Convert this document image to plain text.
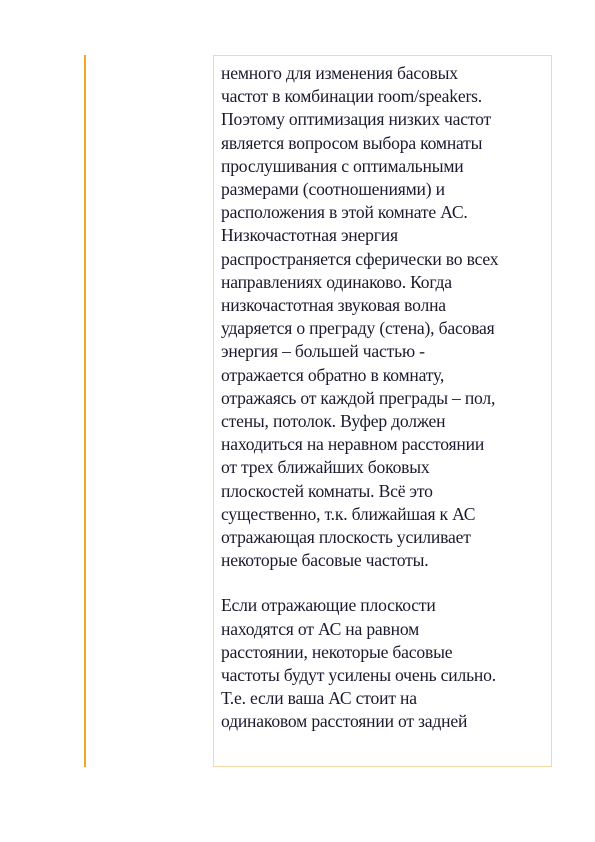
немного для изменения басовых
частот в комбинации room/speakers.
Поэтому оптимизация низких частот
является вопросом выбора комнаты
прослушивания с оптимальными
размерами (соотношениями) и
расположения в этой комнате АС.
Низкочастотная энергия
распространяется сферически во всех
направлениях одинаково. Когда
низкочастотная звуковая волна
ударяется о преграду (стена), басовая
энергия – большей частью -
отражается обратно в комнату,
отражаясь от каждой преграды – пол,
стены, потолок. Вуфер должен
находиться на неравном расстоянии
от трех ближайших боковых
плоскостей комнаты. Всё это
существенно, т.к. ближайшая к АС
отражающая плоскость усиливает
некоторые басовые частоты.

Если отражающие плоскости
находятся от АС на равном
расстоянии, некоторые басовые
частоты будут усилены очень сильно.
Т.е. если ваша АС стоит на
одинаковом расстоянии от задней
